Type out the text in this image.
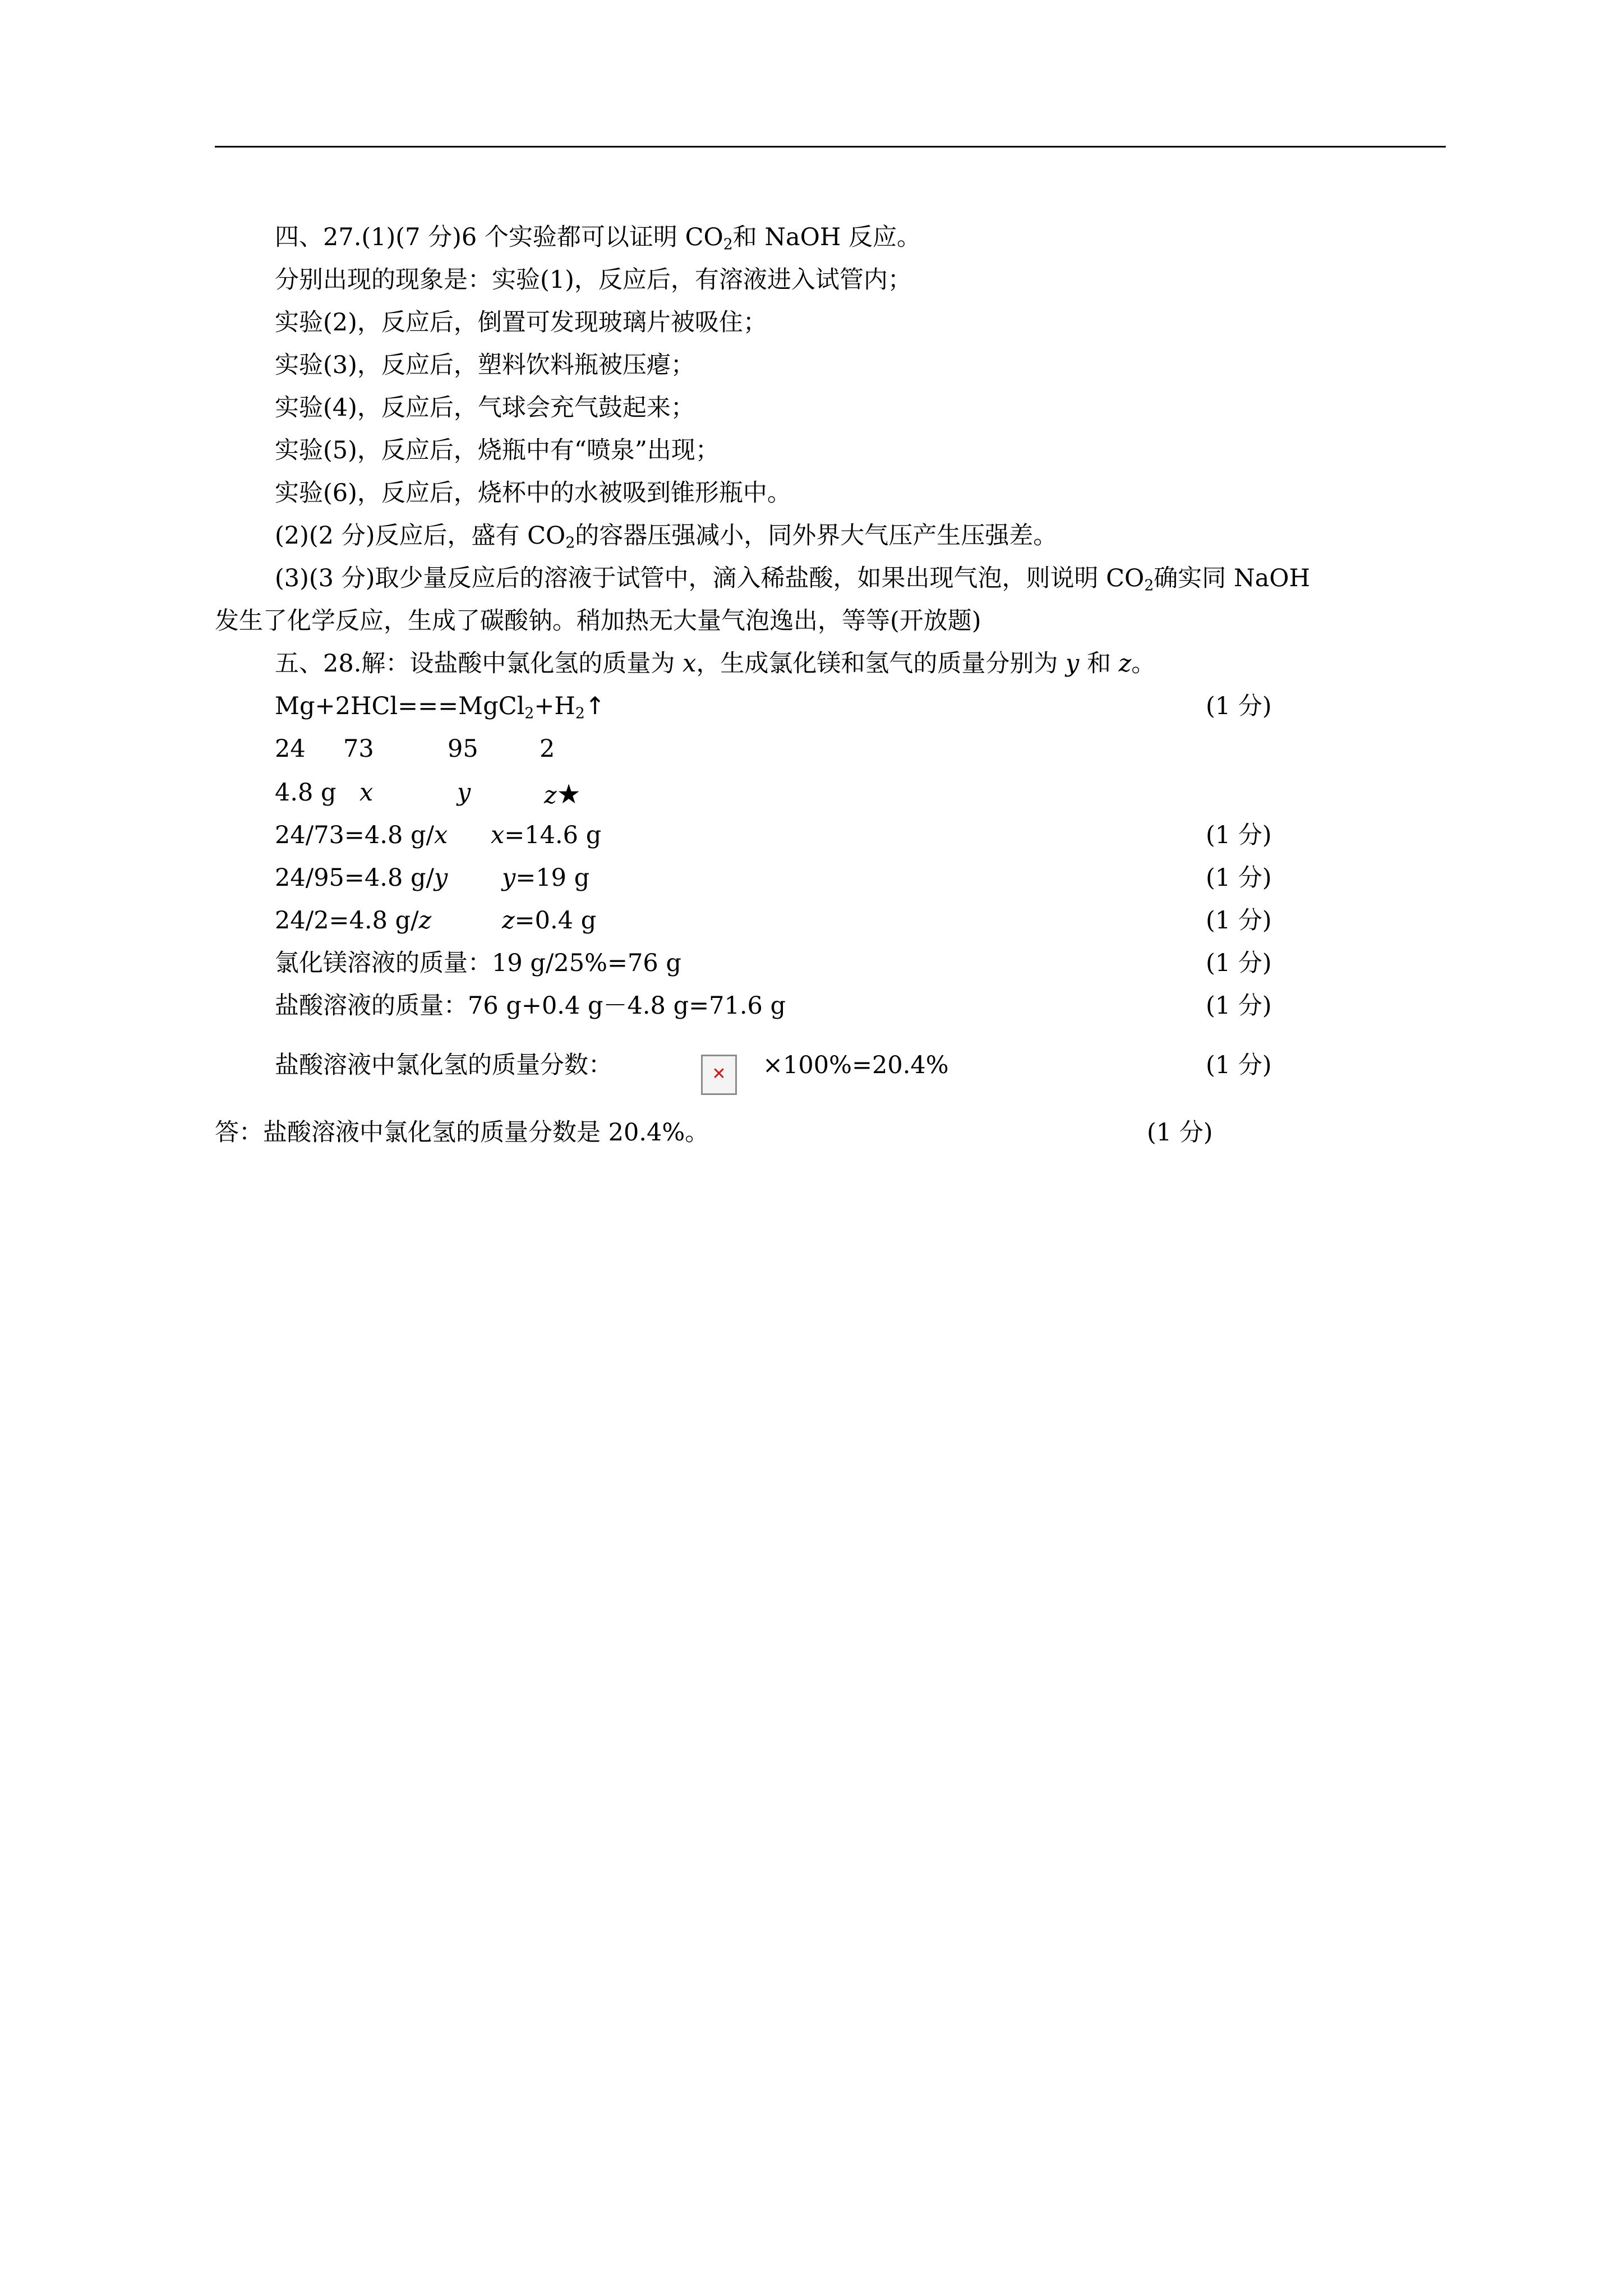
四、27.(1)(7 分)6 个实验都可以证明 $CO_2$和 NaOH 反应。
分别出现的现象是：实验(1)，反应后，有溶液进入试管内；
实验(2)，反应后，倒置可发现玻璃片被吸住；
实验(3)，反应后，塑料饮料瓶被压瘪；
实验(4)，反应后，气球会充气鼓起来；
实验(5)，反应后，烧瓶中有“喷泉”出现；
实验(6)，反应后，烧杯中的水被吸到锥形瓶中。
(2)(2 分)反应后，盛有 $CO_2$的容器压强减小，同外界大气压产生压强差。
(3)(3 分)取少量反应后的溶液于试管中，滴入稀盐酸，如果出现气泡，则说明 $CO_2$确实同 NaOH
发生了化学反应，生成了碳酸钠。稍加热无大量气泡逸出，等等(开放题)
五、28.解：设盐酸中氯化氢的质量为 x，生成氯化镁和氢气的质量分别为 y 和 z。
$Mg+2HCl===MgCl_2+H_2↑$	(1 分)
24 73	95	2
4.8 g x	y	z★
24/73=4.8 g/x x=14.6 g	(1 分)
24/95=4.8 g/y y=19 g	(1 分)
24/2=4.8 g/z	z=0.4 g	(1 分)
氯化镁溶液的质量：19 g/25%=76 g	(1 分)
盐酸溶液的质量：76 g+0.4 g－4.8 g=71.6 g	(1 分)
盐酸溶液中氯化氢的质量分数：	✕ ×100%=20.4%	(1 分)
答：盐酸溶液中氯化氢的质量分数是 20.4%。	(1 分)
